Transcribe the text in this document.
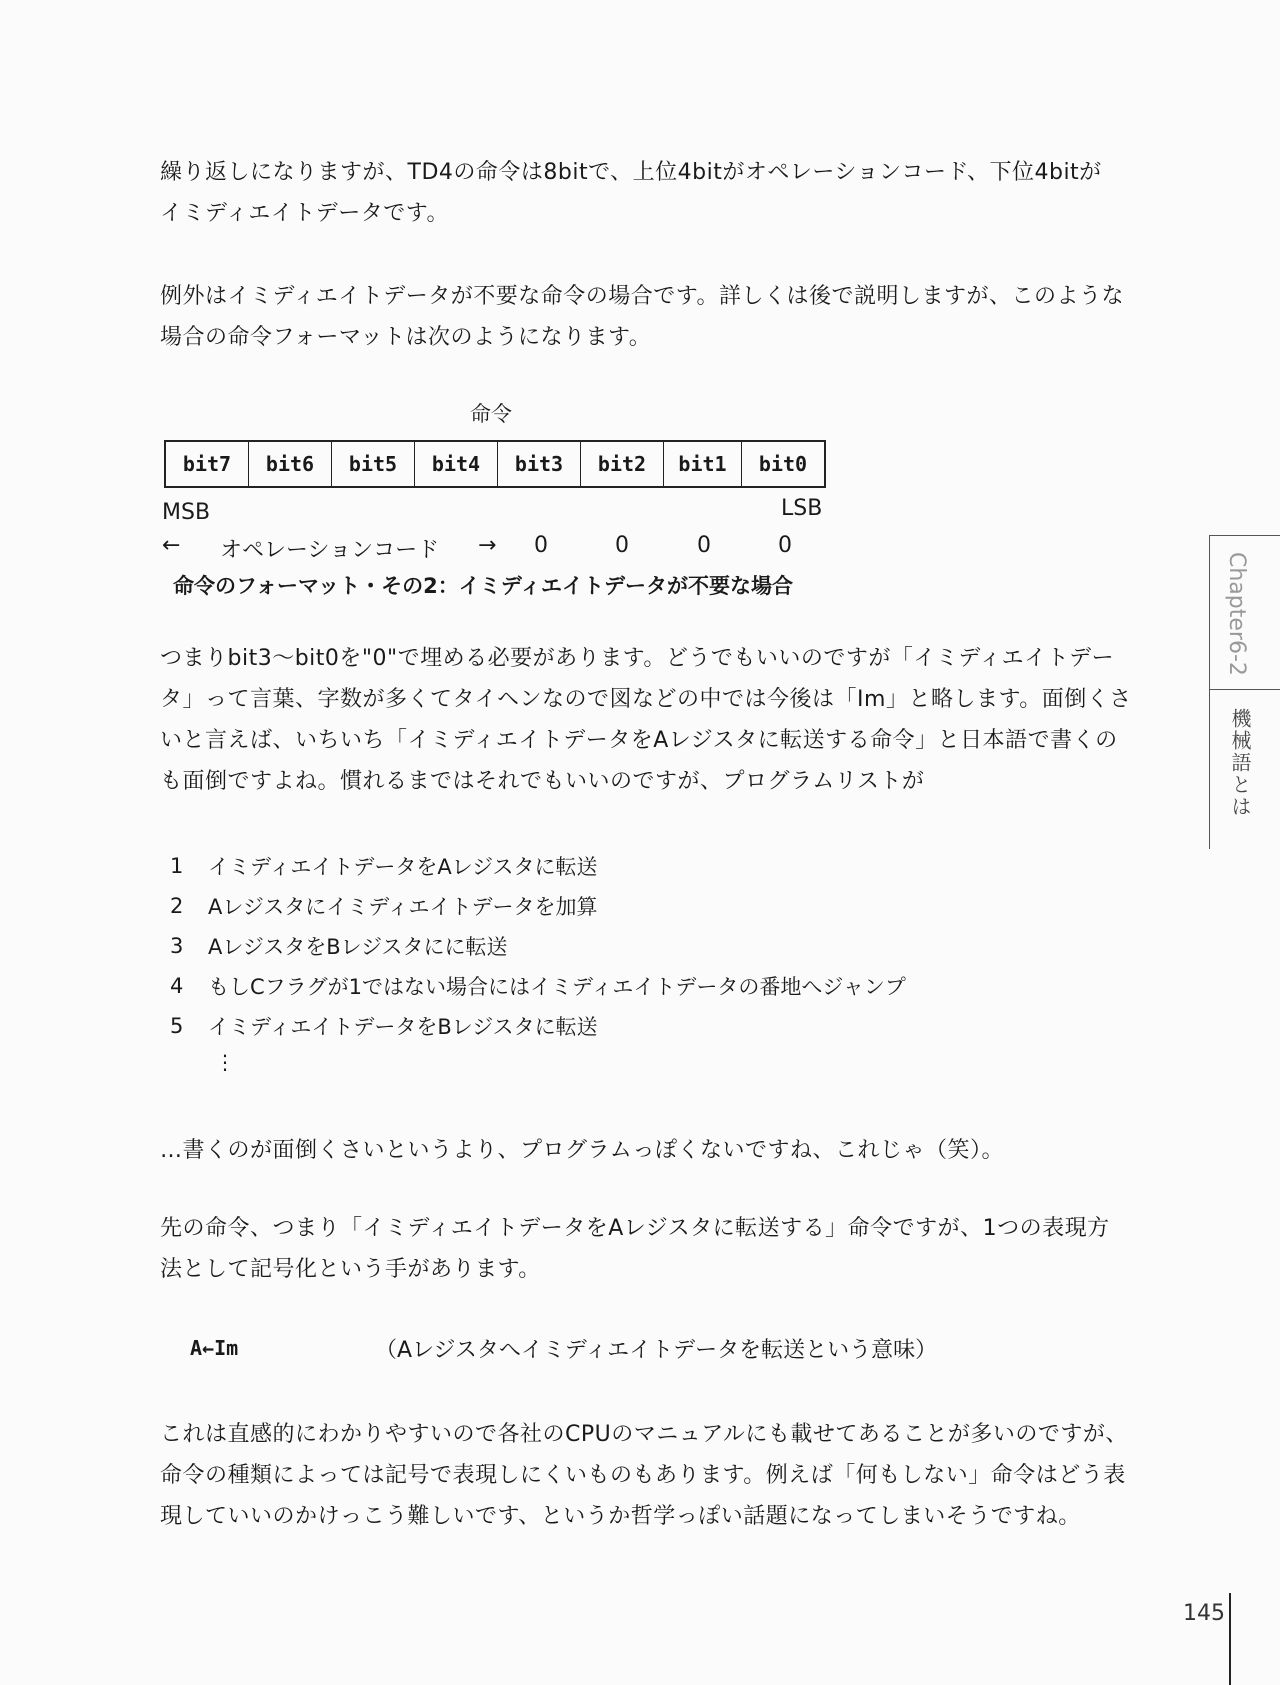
繰り返しになりますが、TD4の命令は8bitで、上位4bitがオペレーションコード、下位4bitが
イミディエイトデータです。
例外はイミディエイトデータが不要な命令の場合です。詳しくは後で説明しますが、このような
場合の命令フォーマットは次のようになります。
命令
bit7	bit6	bit5	bit4	bit3	bit2	bit1	bit0
MSB	LSB
← オペレーションコード → 0	0	0	0
命令のフォーマット・その2：イミディエイトデータが不要な場合
つまりbit3～bit0を"0"で埋める必要があります。どうでもいいのですが「イミディエイトデー
タ」って言葉、字数が多くてタイヘンなので図などの中では今後は「Im」と略します。面倒くさ
いと言えば、いちいち「イミディエイトデータをAレジスタに転送する命令」と日本語で書くの
も面倒ですよね。慣れるまではそれでもいいのですが、プログラムリストが
1	イミディエイトデータをAレジスタに転送
2	Aレジスタにイミディエイトデータを加算
3	AレジスタをBレジスタにに転送
4	もしCフラグが1ではない場合にはイミディエイトデータの番地へジャンプ
5	イミディエイトデータをBレジスタに転送
⋮
…書くのが面倒くさいというより、プログラムっぽくないですね、これじゃ（笑）。
先の命令、つまり「イミディエイトデータをAレジスタに転送する」命令ですが、1つの表現方
法として記号化という手があります。
A←Im	（Aレジスタへイミディエイトデータを転送という意味）
これは直感的にわかりやすいので各社のCPUのマニュアルにも載せてあることが多いのですが、
命令の種類によっては記号で表現しにくいものもあります。例えば「何もしない」命令はどう表
現していいのかけっこう難しいです、というか哲学っぽい話題になってしまいそうですね。
Chapter6-2
機械語とは
145
